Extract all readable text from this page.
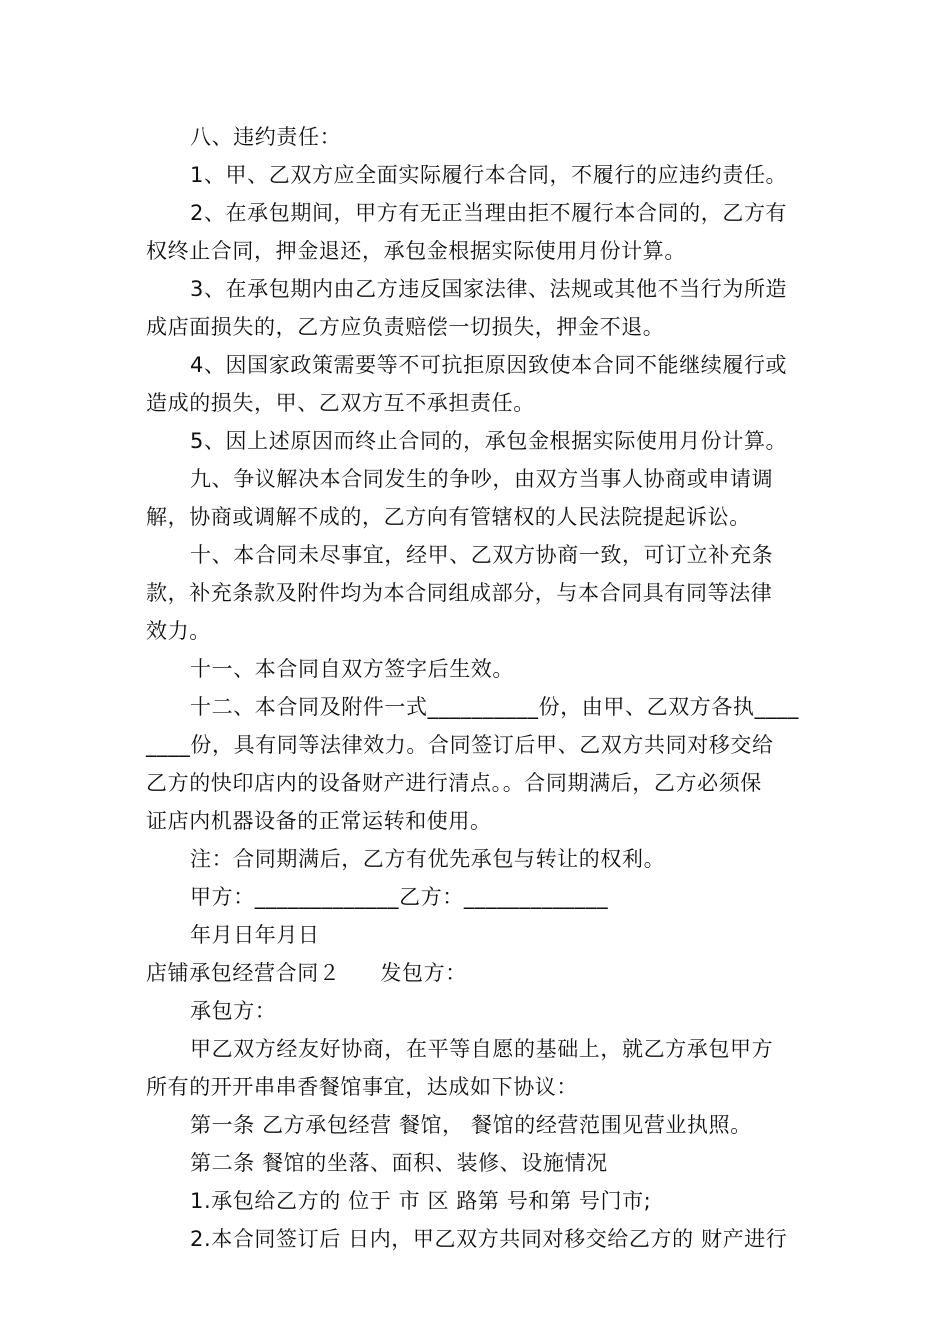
八、违约责任：

1、甲、乙双方应全面实际履行本合同，不履行的应违约责任。

2、在承包期间，甲方有无正当理由拒不履行本合同的，乙方有
权终止合同，押金退还，承包金根据实际使用月份计算。

3、在承包期内由乙方违反国家法律、法规或其他不当行为所造
成店面损失的，乙方应负责赔偿一切损失，押金不退。

4、因国家政策需要等不可抗拒原因致使本合同不能继续履行或
造成的损失，甲、乙双方互不承担责任。

5、因上述原因而终止合同的，承包金根据实际使用月份计算。

九、争议解决本合同发生的争吵，由双方当事人协商或申请调
解，协商或调解不成的，乙方向有管辖权的人民法院提起诉讼。

十、本合同未尽事宜，经甲、乙双方协商一致，可订立补充条
款，补充条款及附件均为本合同组成部分，与本合同具有同等法律
效力。

十一、本合同自双方签字后生效。

十二、本合同及附件一式__________份，由甲、乙双方各执____
____份，具有同等法律效力。合同签订后甲、乙双方共同对移交给
乙方的快印店内的设备财产进行清点。。合同期满后，乙方必须保
证店内机器设备的正常运转和使用。

注：合同期满后，乙方有优先承包与转让的权利。

甲方：_____________乙方：_____________

年月日年月日

店铺承包经营合同２ 发包方：

承包方：

甲乙双方经友好协商，在平等自愿的基础上，就乙方承包甲方
所有的开开串串香餐馆事宜，达成如下协议：

第一条 乙方承包经营 餐馆， 餐馆的经营范围见营业执照。

第二条 餐馆的坐落、面积、装修、设施情况

1.承包给乙方的 位于 市 区 路第 号和第 号门市;

2.本合同签订后 日内，甲乙双方共同对移交给乙方的 财产进行
